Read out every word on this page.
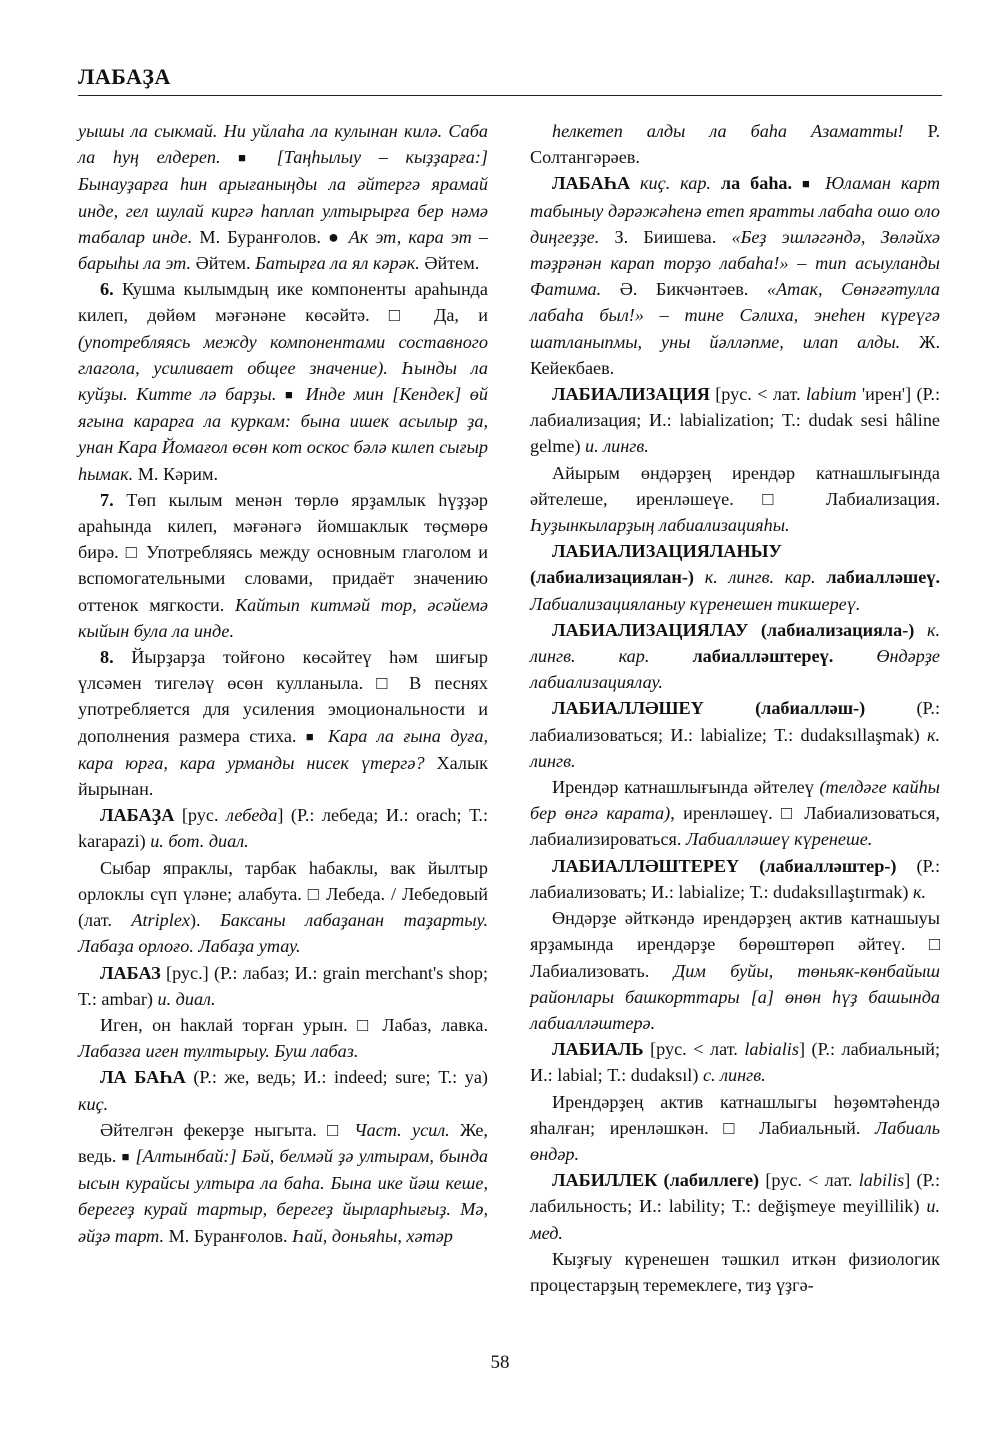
ЛАБАҘА

уышы ла сыкмай. Ни уйлаһа ла кулынан килә. Саба ла һуң елдереп. ■ [Таңһылыу – кыҙҙарға:] Бынауҙарға һин арығаныңды ла әйтергә ярамай инде, гел шулай киргә һаплап ултырырға бер нәмә табалар инде. М. Буранғолов. ● Ак эт, кара эт – барыһы ла эт. Әйтем. Батырға ла ял кәрәк. Әйтем.

6. Кушма кылымдың ике компоненты араһында килеп, дөйөм мәғәнәне көсәйтә. □ Да, и (употребляясь между компонентами составного глагола, усиливает общее значение). Һынды ла куйҙы. Китте лә барҙы. ■ Инде мин [Кендек] өй ягына карарға ла куркам: бына ишек асылыр ҙа, унан Кара Йомағол өсөн кот оскос бәлә килеп сығыр һымак. М. Кәрим.

7. Төп кылым менән төрлө ярҙамлык һүҙҙәр араһында килеп, мәғәнәгә йомшаклык төҫмөрө бирә. □ Употребляясь между основным глаголом и вспомогательными словами, придаёт значению оттенок мягкости. Кайтып китмәй тор, әсәйемә кыйын була ла инде.

8. Йырҙарҙа тойғоно көсәйтеү һәм шиғыр үлсәмен тигеләү өсөн кулланыла. □ В песнях употребляется для усиления эмоциональности и дополнения размера стиха. ■ Кара ла ғына дуға, кара юрға, кара урманды нисек үтергә? Халык йырынан.

ЛАБАҘА [рус. лебеда] (Р.: лебеда; И.: orach; Т.: karapazi) и. бот. диал.

Сыбар япраклы, тарбак һабаклы, вак йылтыр орлоклы сүп үләне; алабута. □ Лебеда. / Лебедовый (лат. Atriplex). Баксаны лабаҙанан таҙартыу. Лабаҙа орлоғо. Лабаҙа утау.

ЛАБАЗ [рус.] (Р.: лабаз; И.: grain merchant's shop; Т.: ambar) и. диал.

Иген, он һаклай торған урын. □ Лабаз, лавка. Лабазға иген тултырыу. Буш лабаз.

ЛА БАҺА (Р.: же, ведь; И.: indeed; sure; Т.: ya) киҫ.

Әйтелгән фекерҙе ныгыта. □ Част. усил. Же, ведь. ■ [Алтынбай:] Бәй, белмәй ҙә ултырам, бында ысын курайсы ултыра ла баһа. Бына ике йәш кеше, берегеҙ курай тартыр, берегеҙ йырларһығыҙ. Мә, әйҙә тарт. М. Буранғолов. Һай, доньяһы, хәтәр

һелкетеп алды ла баһа Азаматты! Р. Солтангәрәев.

ЛАБАҺА киҫ. кар. ла баһа. ■ Юламан карт табыныу дәрәжәһенә етеп яратты лабаһа ошо оло диңгеҙҙе. З. Биишева. «Беҙ эшләгәндә, Зөләйхә тәҙрәнән карап торҙо лабаһа!» – тип асыуланды Фатима. Ә. Бикчәнтәев. «Атак, Сөнәғәтулла лабаһа был!» – тине Сәлиха, энеһен күреүгә шатланыпмы, уны йәлләпме, илап алды. Ж. Кейекбаев.

ЛАБИАЛИЗАЦИЯ [рус. < лат. labium 'ирен'] (Р.: лабиализация; И.: labialization; Т.: dudak sesi hâline gelme) и. лингв.

Айырым өндәрҙең ирендәр катнашлығында әйтелеше, иренләшеүе. □ Лабиализация. Һуҙынкыларҙың лабиализацияһы.

ЛАБИАЛИЗАЦИЯЛАНЫУ (лабиализациялан-) к. лингв. кар. лабиалләшеү. Лабиализацияланыу күренешен тикшереү.

ЛАБИАЛИЗАЦИЯЛАУ (лабиализацияла-) к. лингв. кар. лабиалләштереү. Өндәрҙе лабиализациялау.

ЛАБИАЛЛӘШЕҮ (лабиалләш-) (Р.: лабиализоваться; И.: labialize; Т.: dudaksıllaşmak) к. лингв.

Ирендәр катнашлығында әйтелеү (телдәге кайһы бер өнгә карата), иренләшеү. □ Лабиализоваться, лабиализироваться. Лабиалләшеү күренеше.

ЛАБИАЛЛӘШТЕРЕҮ (лабиалләштер-) (Р.: лабиализовать; И.: labialize; Т.: dudaksıllaştırmak) к.

Өндәрҙе әйткәндә ирендәрҙең актив катнашыуы ярҙамында ирендәрҙе бөрөштөрөп әйтеү. □ Лабиализовать. Дим буйы, төньяк-көнбайыш районлары башкорттары [а] өнөн һүҙ башында лабиалләштерә.

ЛАБИАЛЬ [рус. < лат. labialis] (Р.: лабиальный; И.: labial; Т.: dudaksıl) с. лингв.

Ирендәрҙең актив катнашлыгы һөҙөмтәһендә яһалған; иренләшкән. □ Лабиальный. Лабиаль өндәр.

ЛАБИЛЛЕК (лабиллеге) [рус. < лат. labilis] (Р.: лабильность; И.: lability; Т.: değişmeye meyillilik) и. мед.

Кыҙғыу күренешен тәшкил иткән физиологик процестарҙың теремеклеге, тиҙ үҙгә-

58
